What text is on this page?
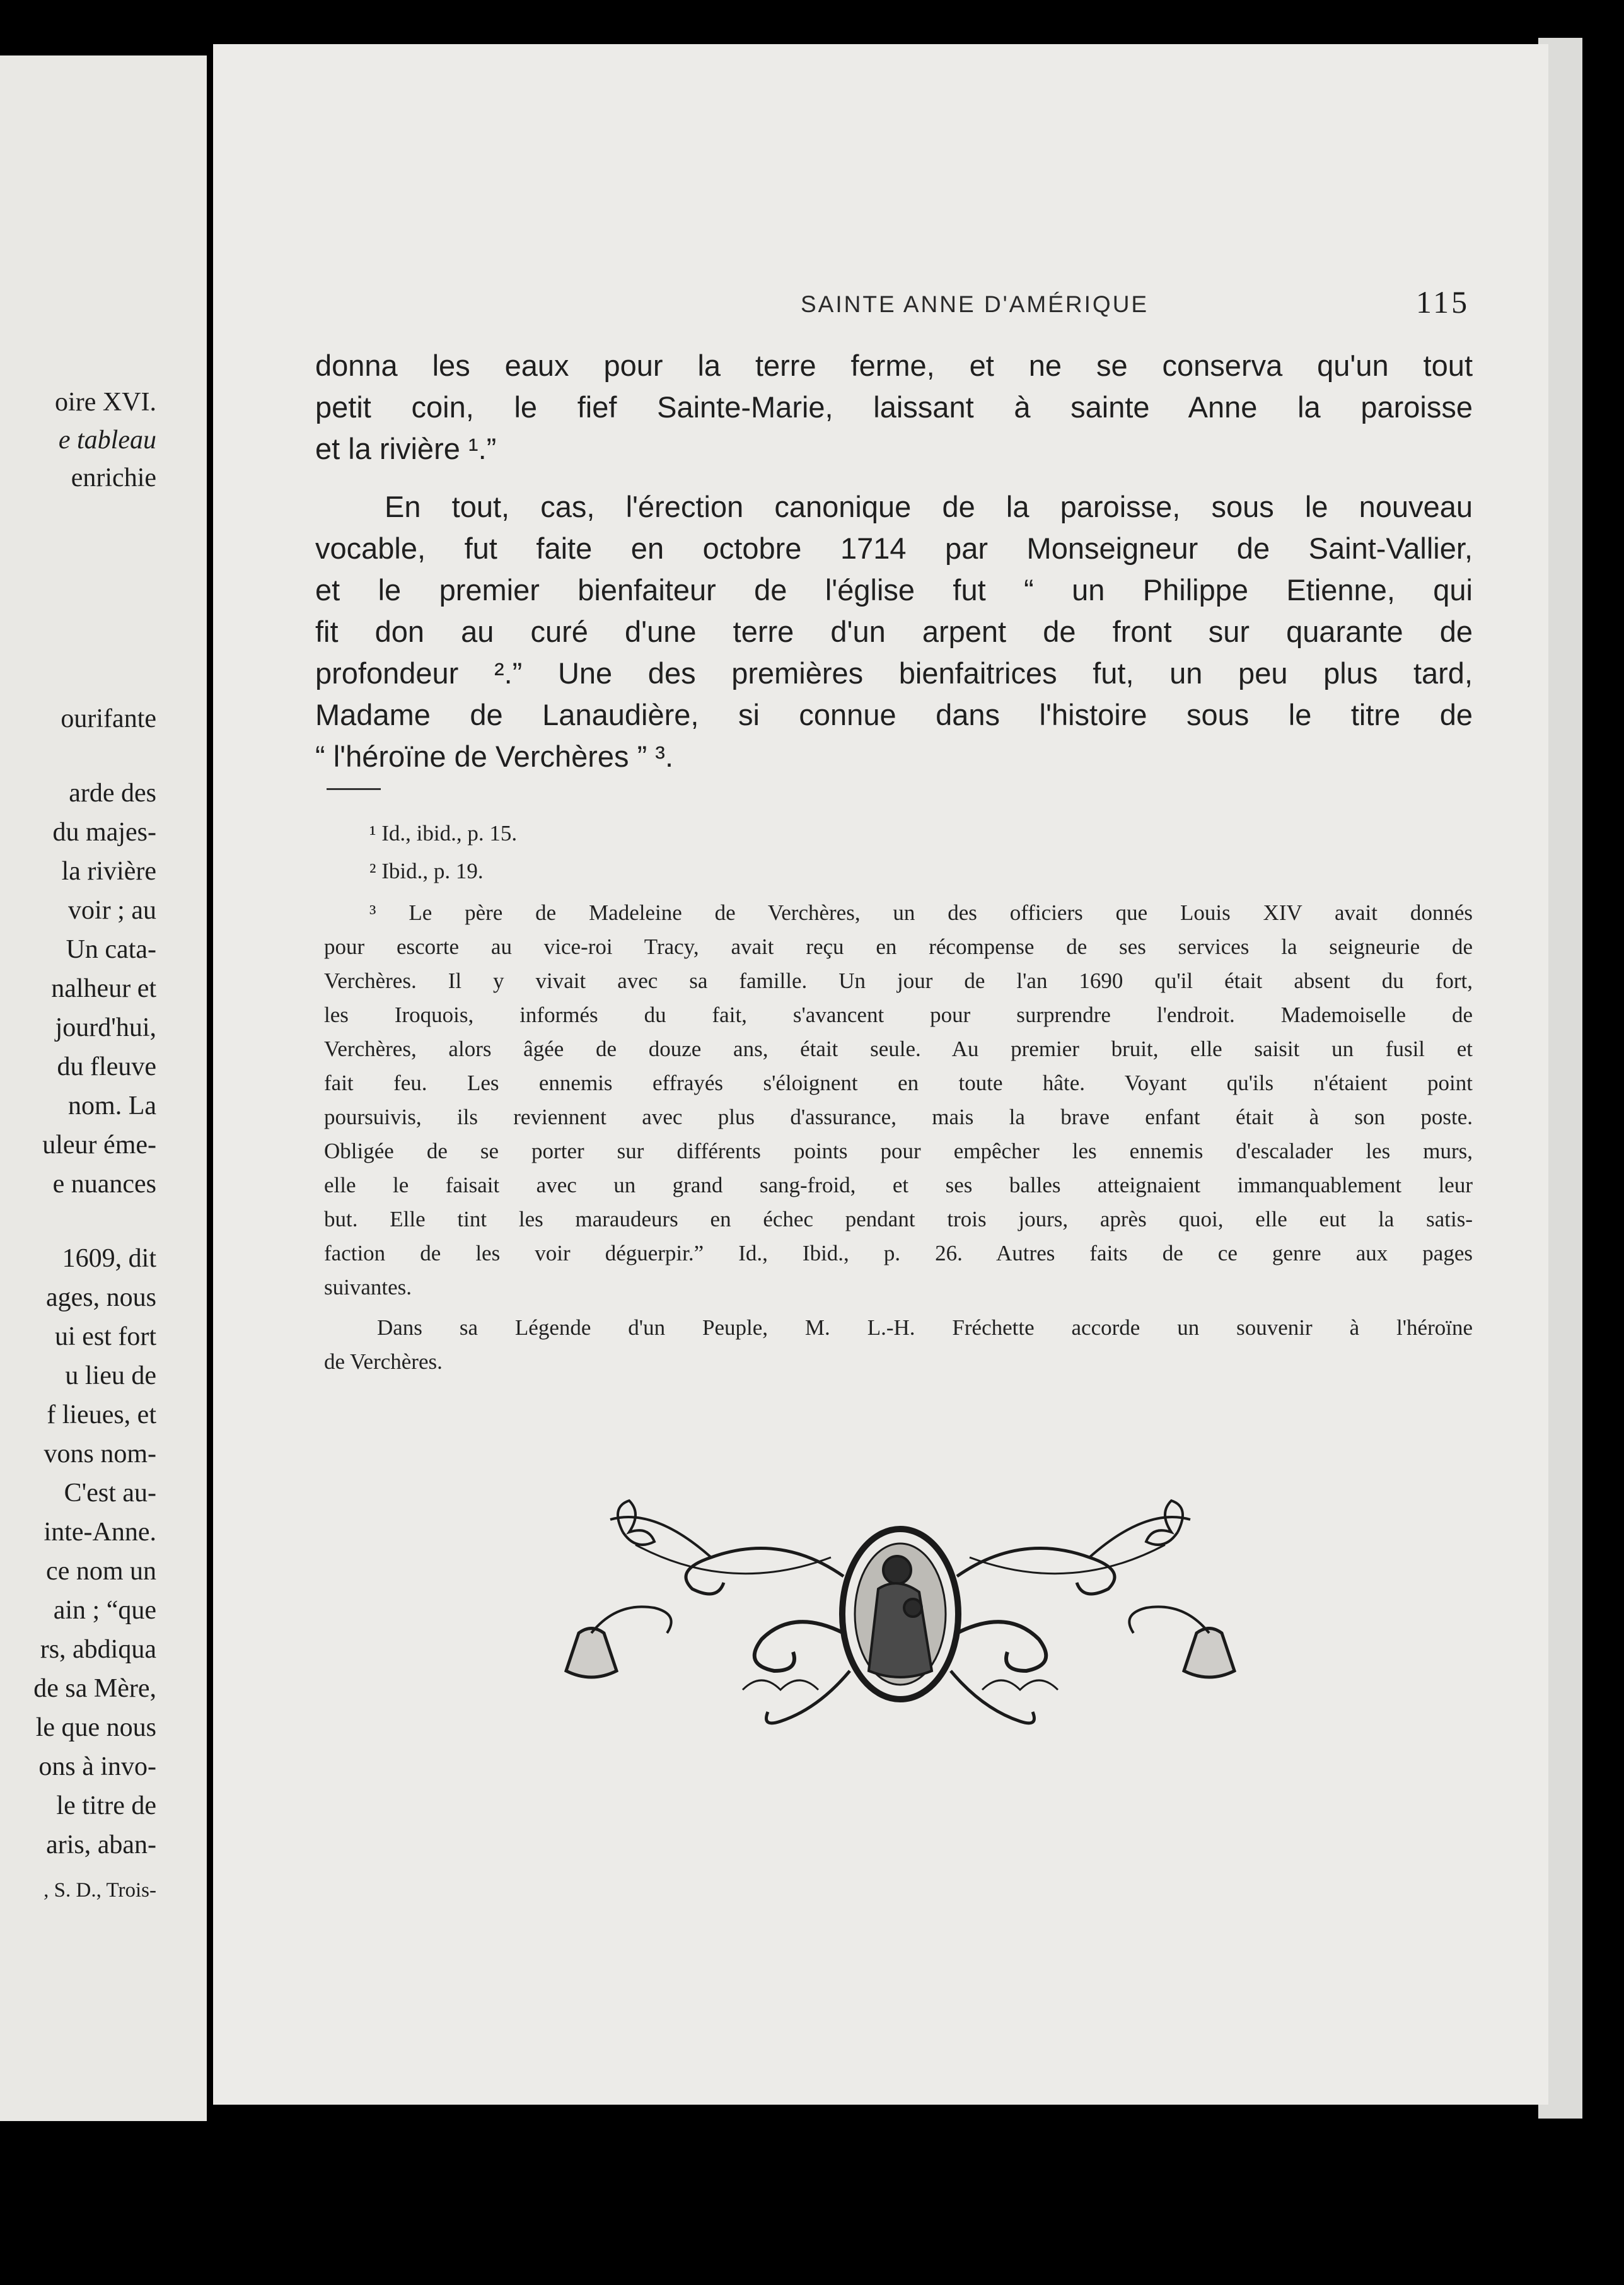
oire XVI.
e tableau
enrichie
ourifante
arde des
du majes-
la rivière
voir ; au
Un cata-
nalheur et
jourd'hui,
du fleuve
nom. La
uleur éme-
e nuances
1609, dit
ages, nous
ui est fort
u lieu de
f lieues, et
vons nom-
C'est au-
inte-Anne.
ce nom un
ain ; “que
rs, abdiqua
de sa Mère,
le que nous
ons à invo-
le titre de
aris, aban-
, S. D., Trois-
SAINTE ANNE D'AMÉRIQUE	115
donna les eaux pour la terre ferme, et ne se conserva qu'un tout
petit coin, le fief Sainte-Marie, laissant à sainte Anne la paroisse
et la rivière ¹.”
En tout, cas, l'érection canonique de la paroisse, sous le nouveau
vocable, fut faite en octobre 1714 par Monseigneur de Saint-Vallier,
et le premier bienfaiteur de l'église fut “ un Philippe Etienne, qui
fit don au curé d'une terre d'un arpent de front sur quarante de
profondeur ².” Une des premières bienfaitrices fut, un peu plus tard,
Madame de Lanaudière, si connue dans l'histoire sous le titre de
“ l'héroïne de Verchères ” ³.
¹ Id., ibid., p. 15.
² Ibid., p. 19.
³ Le père de Madeleine de Verchères, un des officiers que Louis XIV avait donnés
pour escorte au vice-roi Tracy, avait reçu en récompense de ses services la seigneurie de
Verchères. Il y vivait avec sa famille. Un jour de l'an 1690 qu'il était absent du fort,
les Iroquois, informés du fait, s'avancent pour surprendre l'endroit. Mademoiselle de
Verchères, alors âgée de douze ans, était seule. Au premier bruit, elle saisit un fusil et
fait feu. Les ennemis effrayés s'éloignent en toute hâte. Voyant qu'ils n'étaient point
poursuivis, ils reviennent avec plus d'assurance, mais la brave enfant était à son poste.
Obligée de se porter sur différents points pour empêcher les ennemis d'escalader les murs,
elle le faisait avec un grand sang-froid, et ses balles atteignaient immanquablement leur
but. Elle tint les maraudeurs en échec pendant trois jours, après quoi, elle eut la satis-
faction de les voir déguerpir.” Id., Ibid., p. 26. Autres faits de ce genre aux pages
suivantes.
Dans sa Légende d'un Peuple, M. L.-H. Fréchette accorde un souvenir à l'héroïne
de Verchères.
